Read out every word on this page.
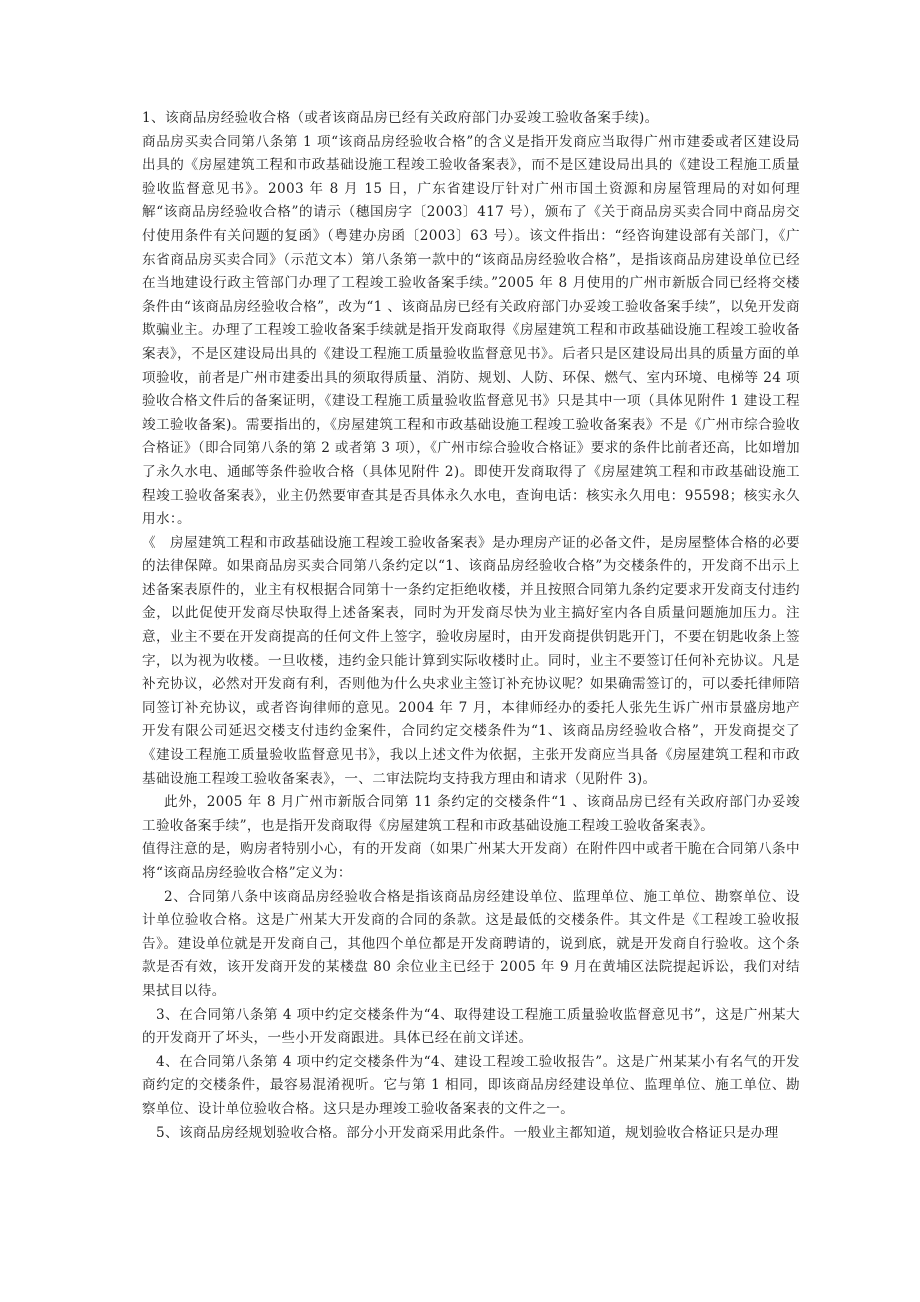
1、该商品房经验收合格（或者该商品房已经有关政府部门办妥竣工验收备案手续)。

商品房买卖合同第八条第 1 项“该商品房经验收合格”的含义是指开发商应当取得广州市建委或者区建设局出具的《房屋建筑工程和市政基础设施工程竣工验收备案表》，而不是区建设局出具的《建设工程施工质量验收监督意见书》。2003 年 8 月 15 日，广东省建设厅针对广州市国土资源和房屋管理局的对如何理解“该商品房经验收合格”的请示（穗国房字〔2003〕417 号），颁布了《关于商品房买卖合同中商品房交付使用条件有关问题的复函》（粤建办房函〔2003〕63 号）。该文件指出：“经咨询建设部有关部门，《广东省商品房买卖合同》（示范文本）第八条第一款中的“该商品房经验收合格”，是指该商品房建设单位已经在当地建设行政主管部门办理了工程竣工验收备案手续。”2005 年 8 月使用的广州市新版合同已经将交楼条件由“该商品房经验收合格”，改为“1 、该商品房已经有关政府部门办妥竣工验收备案手续”，以免开发商欺骗业主。办理了工程竣工验收备案手续就是指开发商取得《房屋建筑工程和市政基础设施工程竣工验收备案表》，不是区建设局出具的《建设工程施工质量验收监督意见书》。后者只是区建设局出具的质量方面的单项验收，前者是广州市建委出具的须取得质量、消防、规划、人防、环保、燃气、室内环境、电梯等 24 项验收合格文件后的备案证明，《建设工程施工质量验收监督意见书》只是其中一项（具体见附件 1 建设工程竣工验收备案)。需要指出的，《房屋建筑工程和市政基础设施工程竣工验收备案表》不是《广州市综合验收合格证》（即合同第八条的第 2 或者第 3 项），《广州市综合验收合格证》要求的条件比前者还高，比如增加了永久水电、通邮等条件验收合格（具体见附件 2)。即使开发商取得了《房屋建筑工程和市政基础设施工程竣工验收备案表》，业主仍然要审查其是否具体永久水电，查询电话：核实永久用电：95598；核实永久用水：。

《　房屋建筑工程和市政基础设施工程竣工验收备案表》是办理房产证的必备文件，是房屋整体合格的必要的法律保障。如果商品房买卖合同第八条约定以“1、该商品房经验收合格”为交楼条件的，开发商不出示上述备案表原件的，业主有权根据合同第十一条约定拒绝收楼，并且按照合同第九条约定要求开发商支付违约金，以此促使开发商尽快取得上述备案表，同时为开发商尽快为业主搞好室内各自质量问题施加压力。注意，业主不要在开发商提高的任何文件上签字，验收房屋时，由开发商提供钥匙开门，不要在钥匙收条上签字，以为视为收楼。一旦收楼，违约金只能计算到实际收楼时止。同时，业主不要签订任何补充协议。凡是补充协议，必然对开发商有利，否则他为什么央求业主签订补充协议呢？如果确需签订的，可以委托律师陪同签订补充协议，或者咨询律师的意见。2004 年 7 月，本律师经办的委托人张先生诉广州市景盛房地产开发有限公司延迟交楼支付违约金案件，合同约定交楼条件为“1、该商品房经验收合格”，开发商提交了《建设工程施工质量验收监督意见书》，我以上述文件为依据，主张开发商应当具备《房屋建筑工程和市政基础设施工程竣工验收备案表》，一、二审法院均支持我方理由和请求（见附件 3)。

此外，2005 年 8 月广州市新版合同第 11 条约定的交楼条件“1 、该商品房已经有关政府部门办妥竣工验收备案手续”，也是指开发商取得《房屋建筑工程和市政基础设施工程竣工验收备案表》。

值得注意的是，购房者特别小心，有的开发商（如果广州某大开发商）在附件四中或者干脆在合同第八条中将“该商品房经验收合格”定义为：

2、合同第八条中该商品房经验收合格是指该商品房经建设单位、监理单位、施工单位、勘察单位、设计单位验收合格。这是广州某大开发商的合同的条款。这是最低的交楼条件。其文件是《工程竣工验收报告》。建设单位就是开发商自己，其他四个单位都是开发商聘请的，说到底，就是开发商自行验收。这个条款是否有效，该开发商开发的某楼盘 80 余位业主已经于 2005 年 9 月在黄埔区法院提起诉讼，我们对结果拭目以待。

3、在合同第八条第 4 项中约定交楼条件为“4、取得建设工程施工质量验收监督意见书”，这是广州某大的开发商开了坏头，一些小开发商跟进。具体已经在前文详述。

4、在合同第八条第 4 项中约定交楼条件为“4、建设工程竣工验收报告”。这是广州某某小有名气的开发商约定的交楼条件，最容易混淆视听。它与第 1 相同，即该商品房经建设单位、监理单位、施工单位、勘察单位、设计单位验收合格。这只是办理竣工验收备案表的文件之一。

5、该商品房经规划验收合格。部分小开发商采用此条件。一般业主都知道，规划验收合格证只是办理
